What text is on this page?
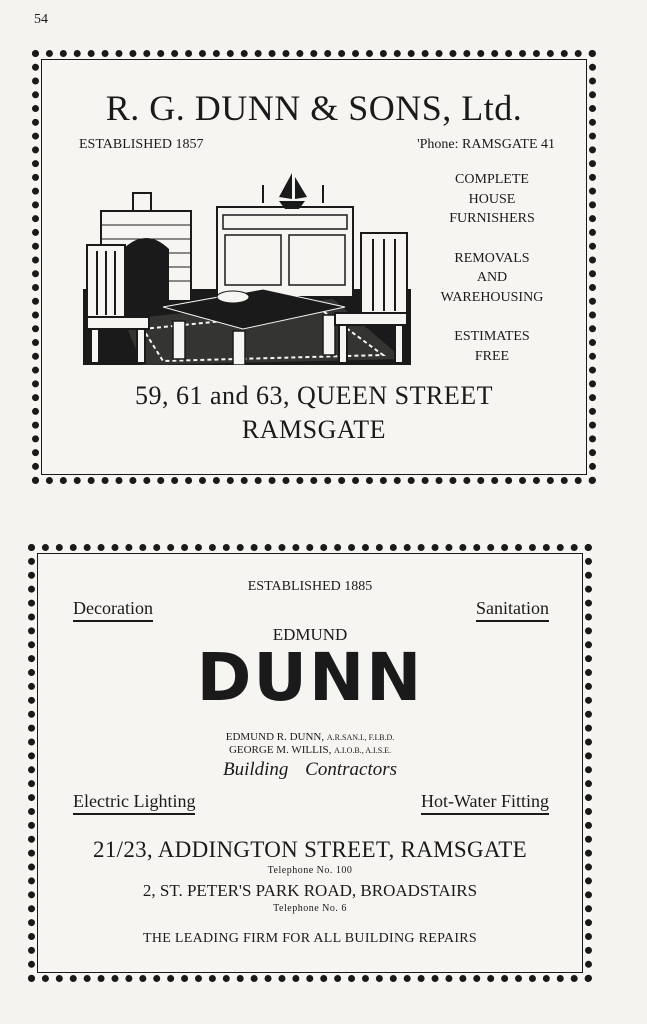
54
R. G. DUNN & SONS, Ltd.
ESTABLISHED 1857	'Phone: RAMSGATE 41
COMPLETE
HOUSE
FURNISHERS
REMOVALS
AND
WAREHOUSING
ESTIMATES
FREE
59, 61 and 63, QUEEN STREET
RAMSGATE
ESTABLISHED 1885
Decoration	Sanitation
EDMUND
DUNN
EDMUND R. DUNN, A.R.SAN.I., F.I.B.D.
GEORGE M. WILLIS, A.I.O.B., A.I.S.E.
Building Contractors
Electric Lighting	Hot-Water Fitting
21/23, ADDINGTON STREET, RAMSGATE
Telephone No. 100
2, ST. PETER'S PARK ROAD, BROADSTAIRS
Telephone No. 6
THE LEADING FIRM FOR ALL BUILDING REPAIRS
